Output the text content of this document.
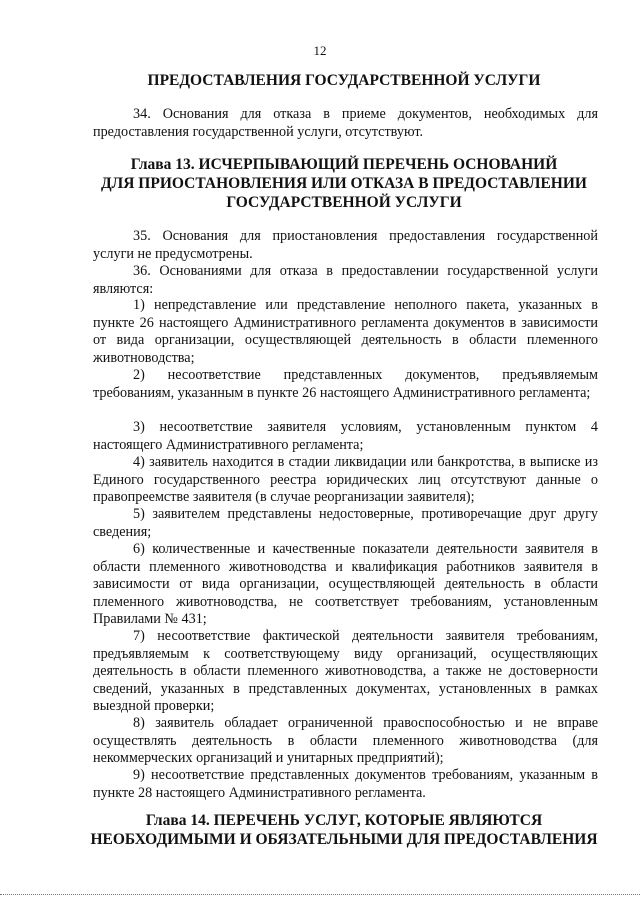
12
ПРЕДОСТАВЛЕНИЯ ГОСУДАРСТВЕННОЙ УСЛУГИ

34. Основания для отказа в приеме документов, необходимых для предоставления государственной услуги, отсутствуют.

Глава 13. ИСЧЕРПЫВАЮЩИЙ ПЕРЕЧЕНЬ ОСНОВАНИЙ
ДЛЯ ПРИОСТАНОВЛЕНИЯ ИЛИ ОТКАЗА В ПРЕДОСТАВЛЕНИИ
ГОСУДАРСТВЕННОЙ УСЛУГИ

35. Основания для приостановления предоставления государственной услуги не предусмотрены.

36. Основаниями для отказа в предоставлении государственной услуги являются:

1) непредставление или представление неполного пакета, указанных в пункте 26 настоящего Административного регламента документов в зависимости от вида организации, осуществляющей деятельность в области племенного животноводства;

2) несоответствие представленных документов, предъявляемым требованиям, указанным в пункте 26 настоящего Административного регламента;

3) несоответствие заявителя условиям, установленным пунктом 4 настоящего Административного регламента;

4) заявитель находится в стадии ликвидации или банкротства, в выписке из Единого государственного реестра юридических лиц отсутствуют данные о правопреемстве заявителя (в случае реорганизации заявителя);

5) заявителем представлены недостоверные, противоречащие друг другу сведения;

6) количественные и качественные показатели деятельности заявителя в области племенного животноводства и квалификация работников заявителя в зависимости от вида организации, осуществляющей деятельность в области племенного животноводства, не соответствует требованиям, установленным Правилами № 431;

7) несоответствие фактической деятельности заявителя требованиям, предъявляемым к соответствующему виду организаций, осуществляющих деятельность в области племенного животноводства, а также не достоверности сведений, указанных в представленных документах, установленных в рамках выездной проверки;

8) заявитель обладает ограниченной правоспособностью и не вправе осуществлять деятельность в области племенного животноводства (для некоммерческих организаций и унитарных предприятий);

9) несоответствие представленных документов требованиям, указанным в пункте 28 настоящего Административного регламента.

Глава 14. ПЕРЕЧЕНЬ УСЛУГ, КОТОРЫЕ ЯВЛЯЮТСЯ
НЕОБХОДИМЫМИ И ОБЯЗАТЕЛЬНЫМИ ДЛЯ ПРЕДОСТАВЛЕНИЯ
